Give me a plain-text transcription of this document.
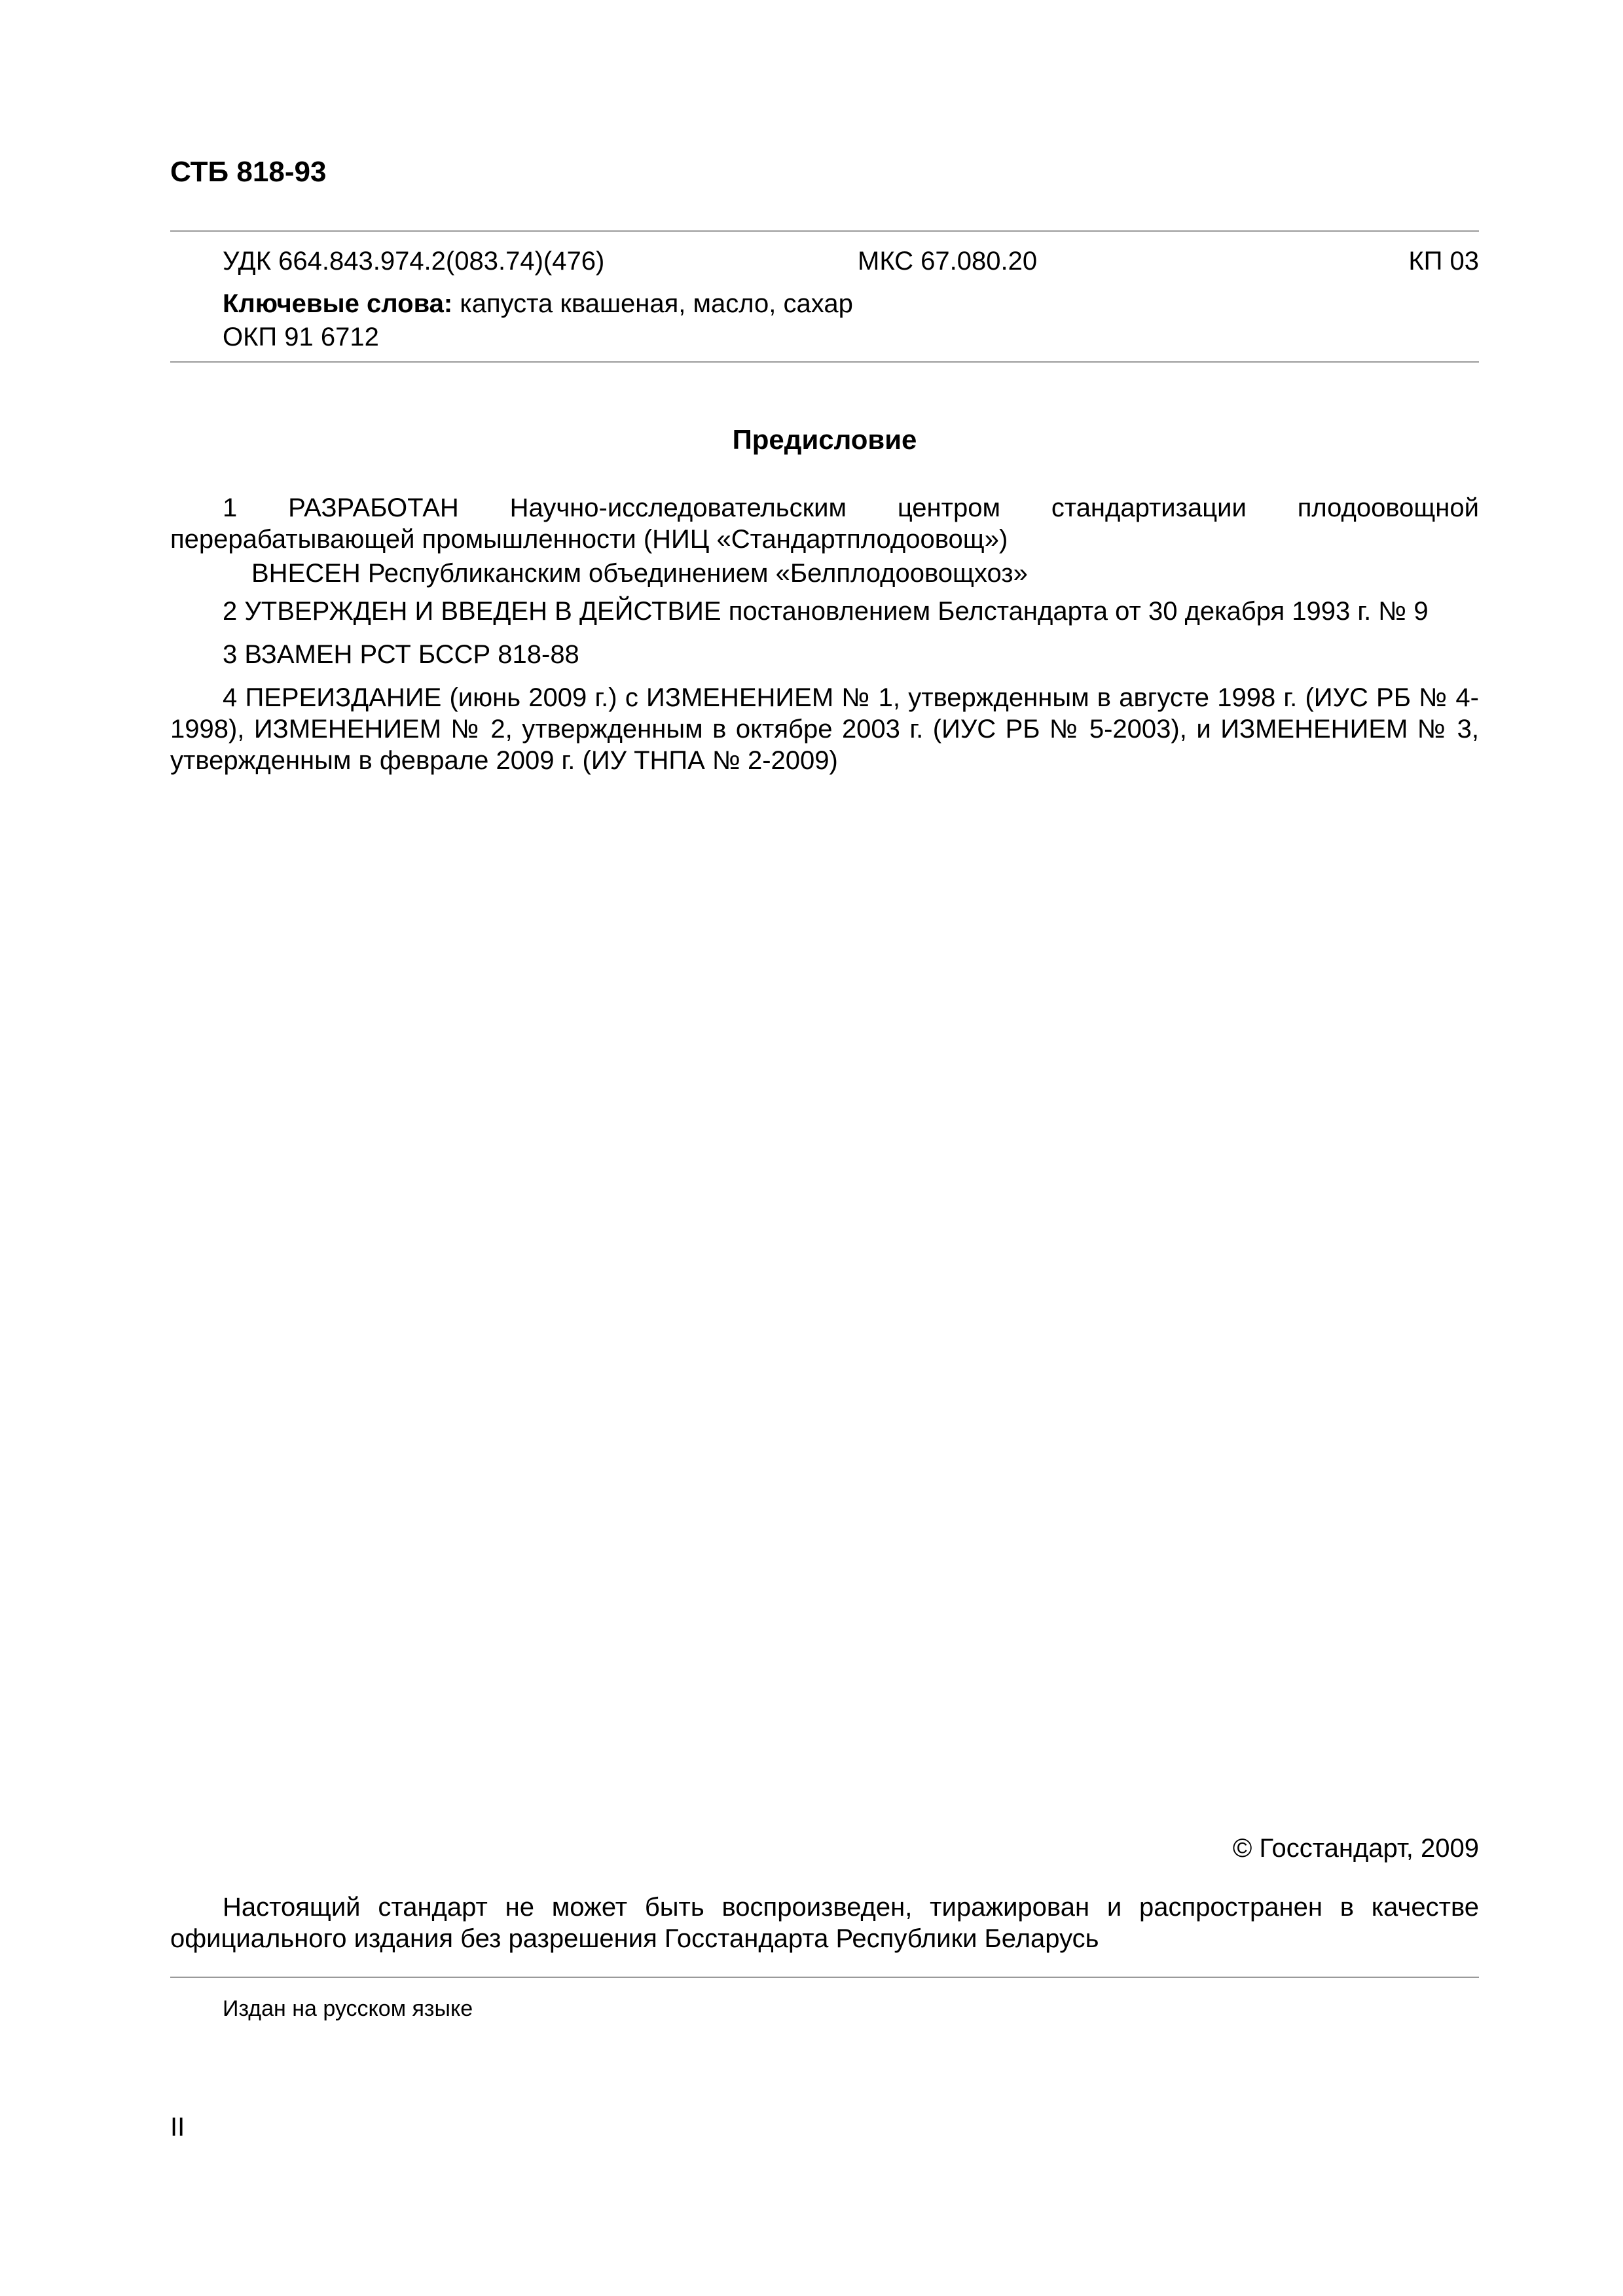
СТБ 818-93
УДК 664.843.974.2(083.74)(476)	МКС 67.080.20	КП 03
Ключевые слова: капуста квашеная, масло, сахар
ОКП 91 6712
Предисловие
1 РАЗРАБОТАН Научно-исследовательским центром стандартизации плодоовощной перерабатывающей промышленности (НИЦ «Стандартплодоовощ»)
ВНЕСЕН Республиканским объединением «Белплодоовощхоз»
2 УТВЕРЖДЕН И ВВЕДЕН В ДЕЙСТВИЕ постановлением Белстандарта от 30 декабря 1993 г. № 9
3 ВЗАМЕН РСТ БССР 818-88
4 ПЕРЕИЗДАНИЕ (июнь 2009 г.) с ИЗМЕНЕНИЕМ № 1, утвержденным в августе 1998 г. (ИУС РБ № 4-1998), ИЗМЕНЕНИЕМ № 2, утвержденным в октябре 2003 г. (ИУС РБ № 5-2003), и ИЗМЕНЕНИЕМ № 3, утвержденным в феврале 2009 г. (ИУ ТНПА № 2-2009)
© Госстандарт, 2009
Настоящий стандарт не может быть воспроизведен, тиражирован и распространен в качестве официального издания без разрешения Госстандарта Республики Беларусь
Издан на русском языке
II
